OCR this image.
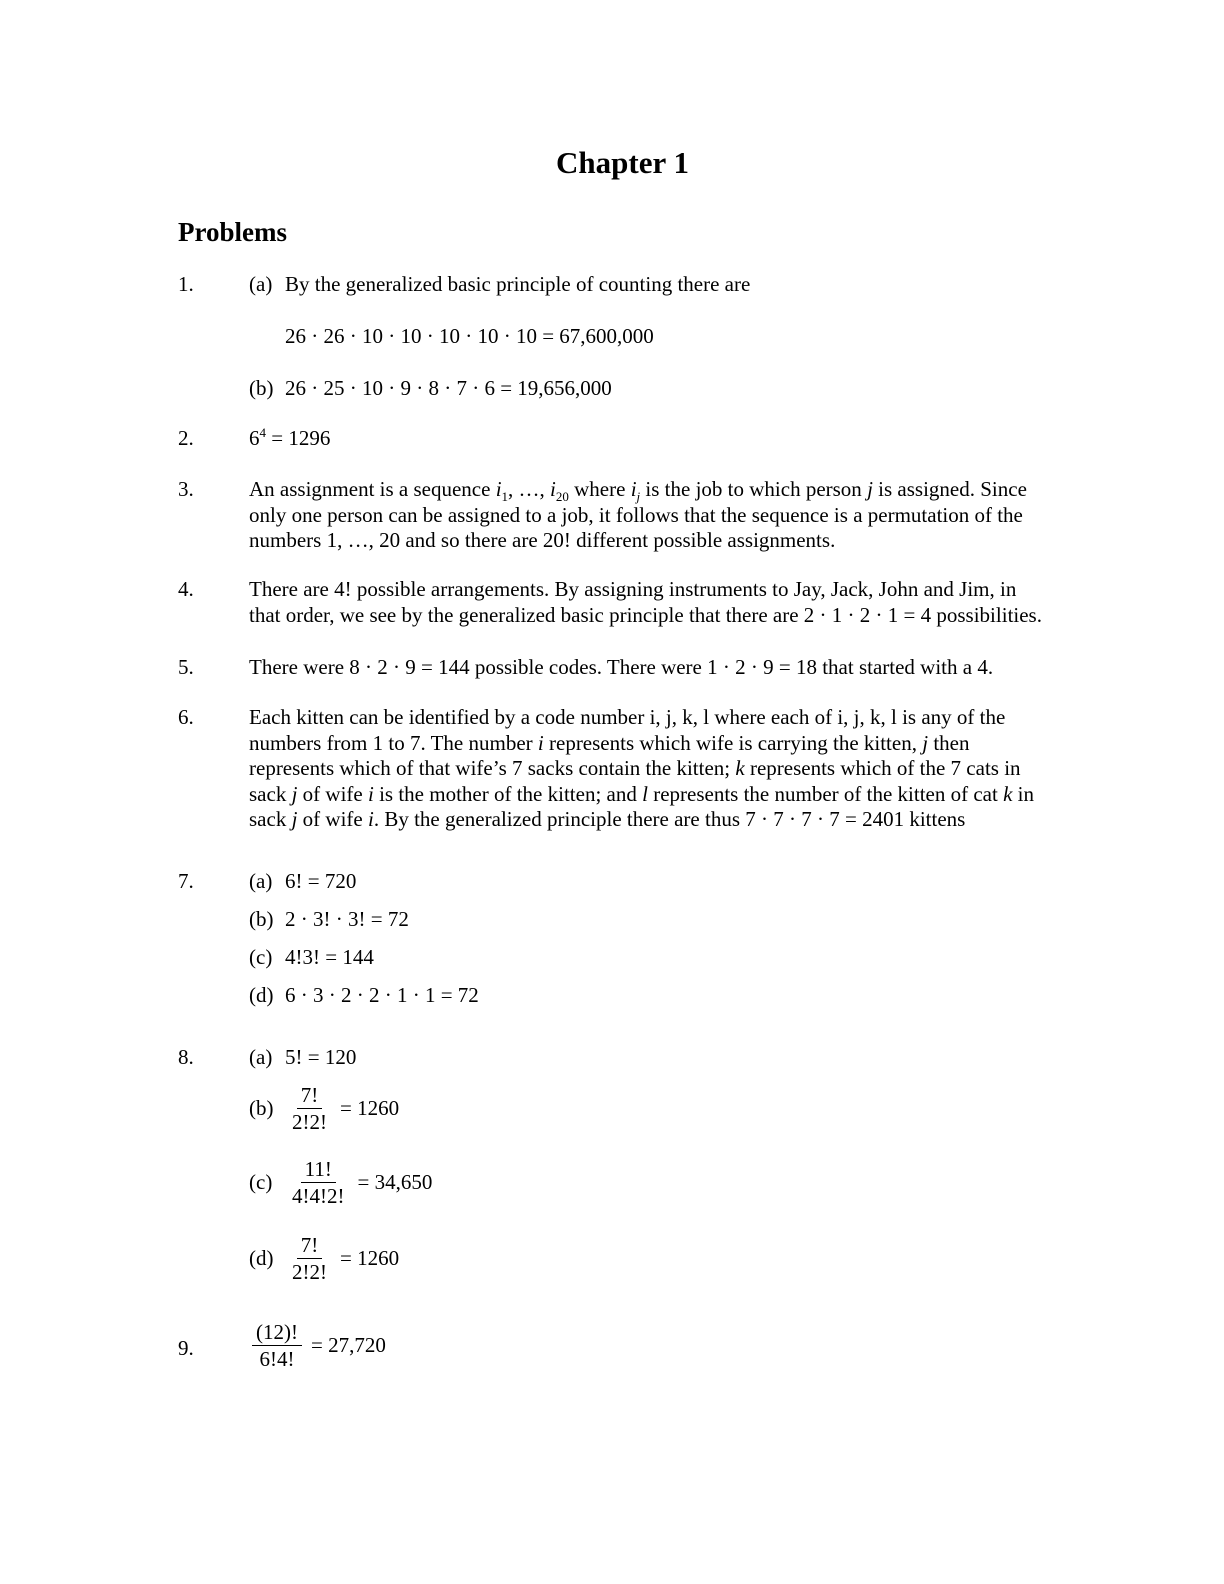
Chapter 1
Problems
1.	(a) By the generalized basic principle of counting there are
26 · 26 · 10 · 10 · 10 · 10 · 10 = 67,600,000
(b) 26 · 25 · 10 · 9 · 8 · 7 · 6 = 19,656,000
2.	$6^4 = 1296$
3.	An assignment is a sequence $i_1$, …, $i_{20}$ where $i_j$ is the job to which person j is assigned. Since
only one person can be assigned to a job, it follows that the sequence is a permutation of the
numbers 1, …, 20 and so there are 20! different possible assignments.
4.	There are 4! possible arrangements. By assigning instruments to Jay, Jack, John and Jim, in
that order, we see by the generalized basic principle that there are 2 · 1 · 2 · 1 = 4 possibilities.
5.	There were 8 · 2 · 9 = 144 possible codes. There were 1 · 2 · 9 = 18 that started with a 4.
6.	Each kitten can be identified by a code number i, j, k, l where each of i, j, k, l is any of the
numbers from 1 to 7. The number i represents which wife is carrying the kitten, j then
represents which of that wife’s 7 sacks contain the kitten; k represents which of the 7 cats in
sack j of wife i is the mother of the kitten; and l represents the number of the kitten of cat k in
sack j of wife i. By the generalized principle there are thus 7 · 7 · 7 · 7 = 2401 kittens
7.	(a) 6! = 720
(b) 2 · 3! · 3! = 72
(c) 4!3! = 144
(d) 6 · 3 · 2 · 2 · 1 · 1 = 72
8.	(a) 5! = 120
$(b) \frac{7!}{2!2!} = 1260$
$(c) \frac{11!}{4!4!2!} = 34,650$
$(d) \frac{7!}{2!2!} = 1260$
9.	$\frac{(12)!}{6!4!} = 27,720$
